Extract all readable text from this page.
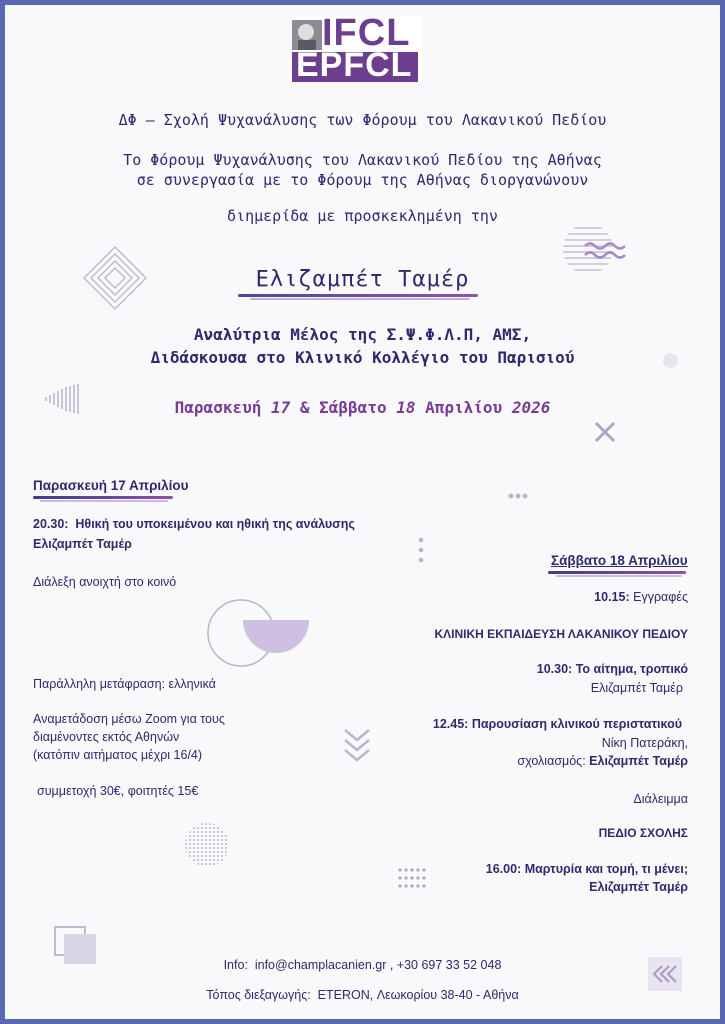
IFCL
EPFCL
ΔΦ – Σχολή Ψυχανάλυσης των Φόρουμ του Λακανικού Πεδίου
Το Φόρουμ Ψυχανάλυσης του Λακανικού Πεδίου της Αθήνας
σε συνεργασία με το Φόρουμ της Αθήνας διοργανώνουν
διημερίδα με προσκεκλημένη την
Ελιζαμπέτ Ταμέρ
Αναλύτρια Μέλος της Σ.Ψ.Φ.Λ.Π, ΑΜΣ,
Διδάσκουσα στο Κλινικό Κολλέγιο του Παρισιού
Παρασκευή 17 & Σάββατο 18 Απριλίου 2026
Παρασκευή 17 Απριλίου
20.30: Ηθική του υποκειμένου και ηθική της ανάλυσης
Ελιζαμπέτ Ταμέρ
Διάλεξη ανοιχτή στο κοινό
Παράλληλη μετάφραση: ελληνικά
Αναμετάδοση μέσω Zoom για τους
διαμένοντες εκτός Αθηνών
(κατόπιν αιτήματος μέχρι 16/4)
συμμετοχή 30€, φοιτητές 15€
Σάββατο 18 Απριλίου
10.15: Εγγραφές
ΚΛΙΝΙΚΗ ΕΚΠΑΙΔΕΥΣΗ ΛΑΚΑΝΙΚΟΥ ΠΕΔΙΟΥ
10.30: Το αίτημα, τροπικό
Ελιζαμπέτ Ταμέρ
12.45: Παρουσίαση κλινικού περιστατικού
Νίκη Πατεράκη,
σχολιασμός: Ελιζαμπέτ Ταμέρ
Διάλειμμα
ΠΕΔΙΟ ΣΧΟΛΗΣ
16.00: Μαρτυρία και τομή, τι μένει;
Ελιζαμπέτ Ταμέρ
Info: info@champlacanien.gr , +30 697 33 52 048
Τόπος διεξαγωγής: ETERON, Λεωκορίου 38-40 - Αθήνα
